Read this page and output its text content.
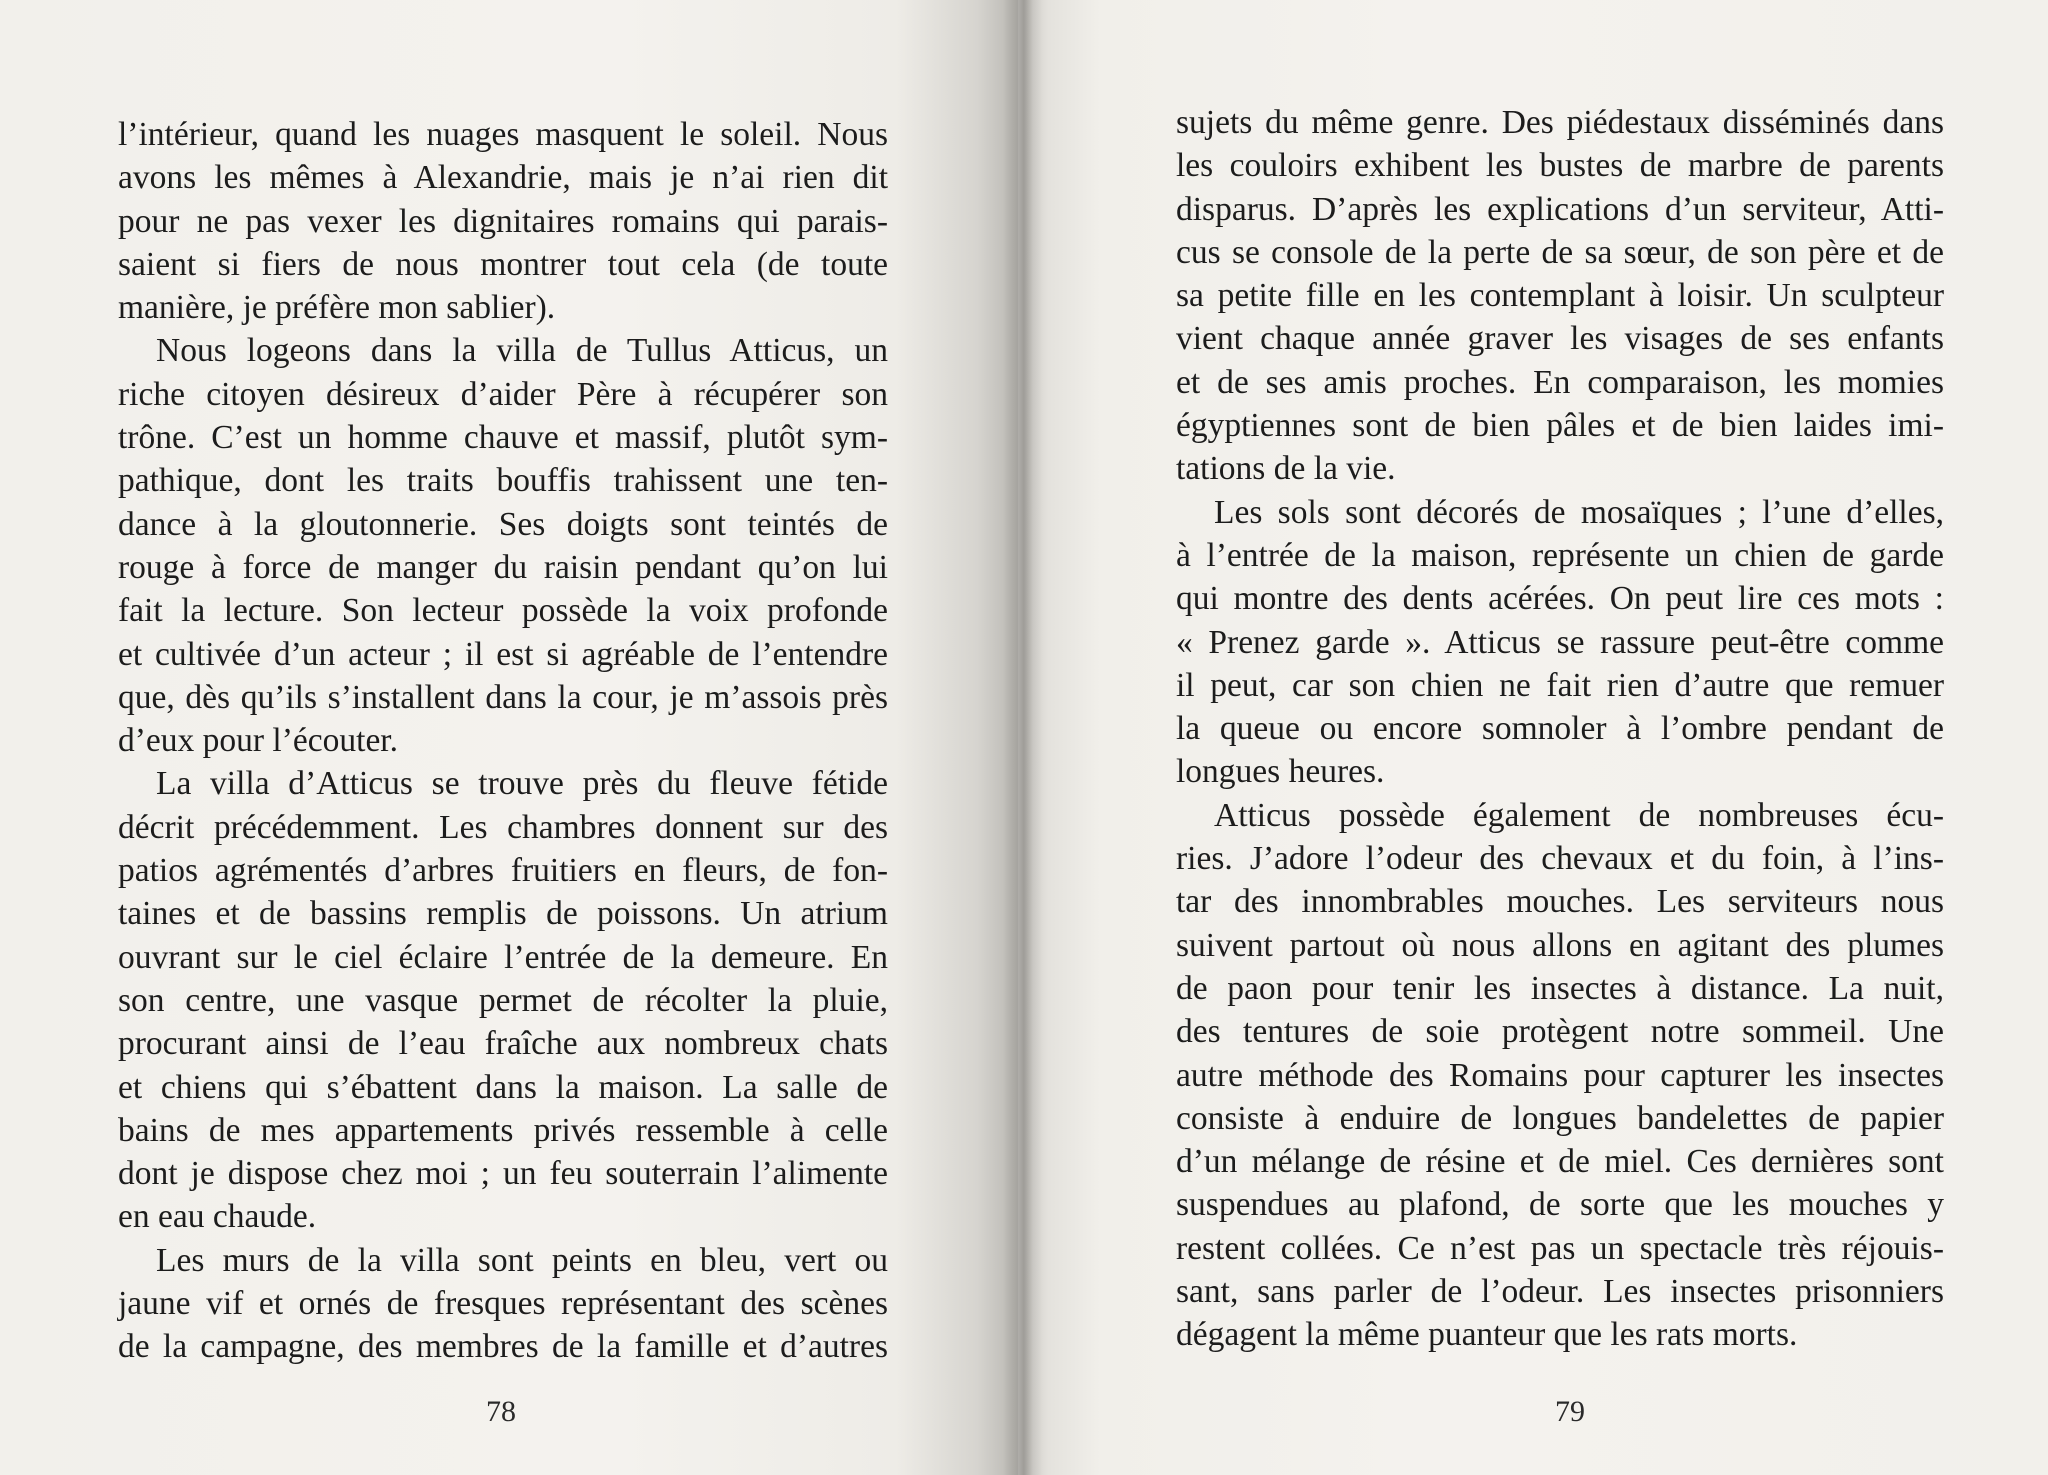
l’intérieur, quand les nuages masquent le soleil. Nous
avons les mêmes à Alexandrie, mais je n’ai rien dit
pour ne pas vexer les dignitaires romains qui parais-
saient si fiers de nous montrer tout cela (de toute
manière, je préfère mon sablier).
Nous logeons dans la villa de Tullus Atticus, un
riche citoyen désireux d’aider Père à récupérer son
trône. C’est un homme chauve et massif, plutôt sym-
pathique, dont les traits bouffis trahissent une ten-
dance à la gloutonnerie. Ses doigts sont teintés de
rouge à force de manger du raisin pendant qu’on lui
fait la lecture. Son lecteur possède la voix profonde
et cultivée d’un acteur ; il est si agréable de l’entendre
que, dès qu’ils s’installent dans la cour, je m’assois près
d’eux pour l’écouter.
La villa d’Atticus se trouve près du fleuve fétide
décrit précédemment. Les chambres donnent sur des
patios agrémentés d’arbres fruitiers en fleurs, de fon-
taines et de bassins remplis de poissons. Un atrium
ouvrant sur le ciel éclaire l’entrée de la demeure. En
son centre, une vasque permet de récolter la pluie,
procurant ainsi de l’eau fraîche aux nombreux chats
et chiens qui s’ébattent dans la maison. La salle de
bains de mes appartements privés ressemble à celle
dont je dispose chez moi ; un feu souterrain l’alimente
en eau chaude.
Les murs de la villa sont peints en bleu, vert ou
jaune vif et ornés de fresques représentant des scènes
de la campagne, des membres de la famille et d’autres
78
sujets du même genre. Des piédestaux disséminés dans
les couloirs exhibent les bustes de marbre de parents
disparus. D’après les explications d’un serviteur, Atti-
cus se console de la perte de sa sœur, de son père et de
sa petite fille en les contemplant à loisir. Un sculpteur
vient chaque année graver les visages de ses enfants
et de ses amis proches. En comparaison, les momies
égyptiennes sont de bien pâles et de bien laides imi-
tations de la vie.
Les sols sont décorés de mosaïques ; l’une d’elles,
à l’entrée de la maison, représente un chien de garde
qui montre des dents acérées. On peut lire ces mots :
« Prenez garde ». Atticus se rassure peut-être comme
il peut, car son chien ne fait rien d’autre que remuer
la queue ou encore somnoler à l’ombre pendant de
longues heures.
Atticus possède également de nombreuses écu-
ries. J’adore l’odeur des chevaux et du foin, à l’ins-
tar des innombrables mouches. Les serviteurs nous
suivent partout où nous allons en agitant des plumes
de paon pour tenir les insectes à distance. La nuit,
des tentures de soie protègent notre sommeil. Une
autre méthode des Romains pour capturer les insectes
consiste à enduire de longues bandelettes de papier
d’un mélange de résine et de miel. Ces dernières sont
suspendues au plafond, de sorte que les mouches y
restent collées. Ce n’est pas un spectacle très réjouis-
sant, sans parler de l’odeur. Les insectes prisonniers
dégagent la même puanteur que les rats morts.
79
